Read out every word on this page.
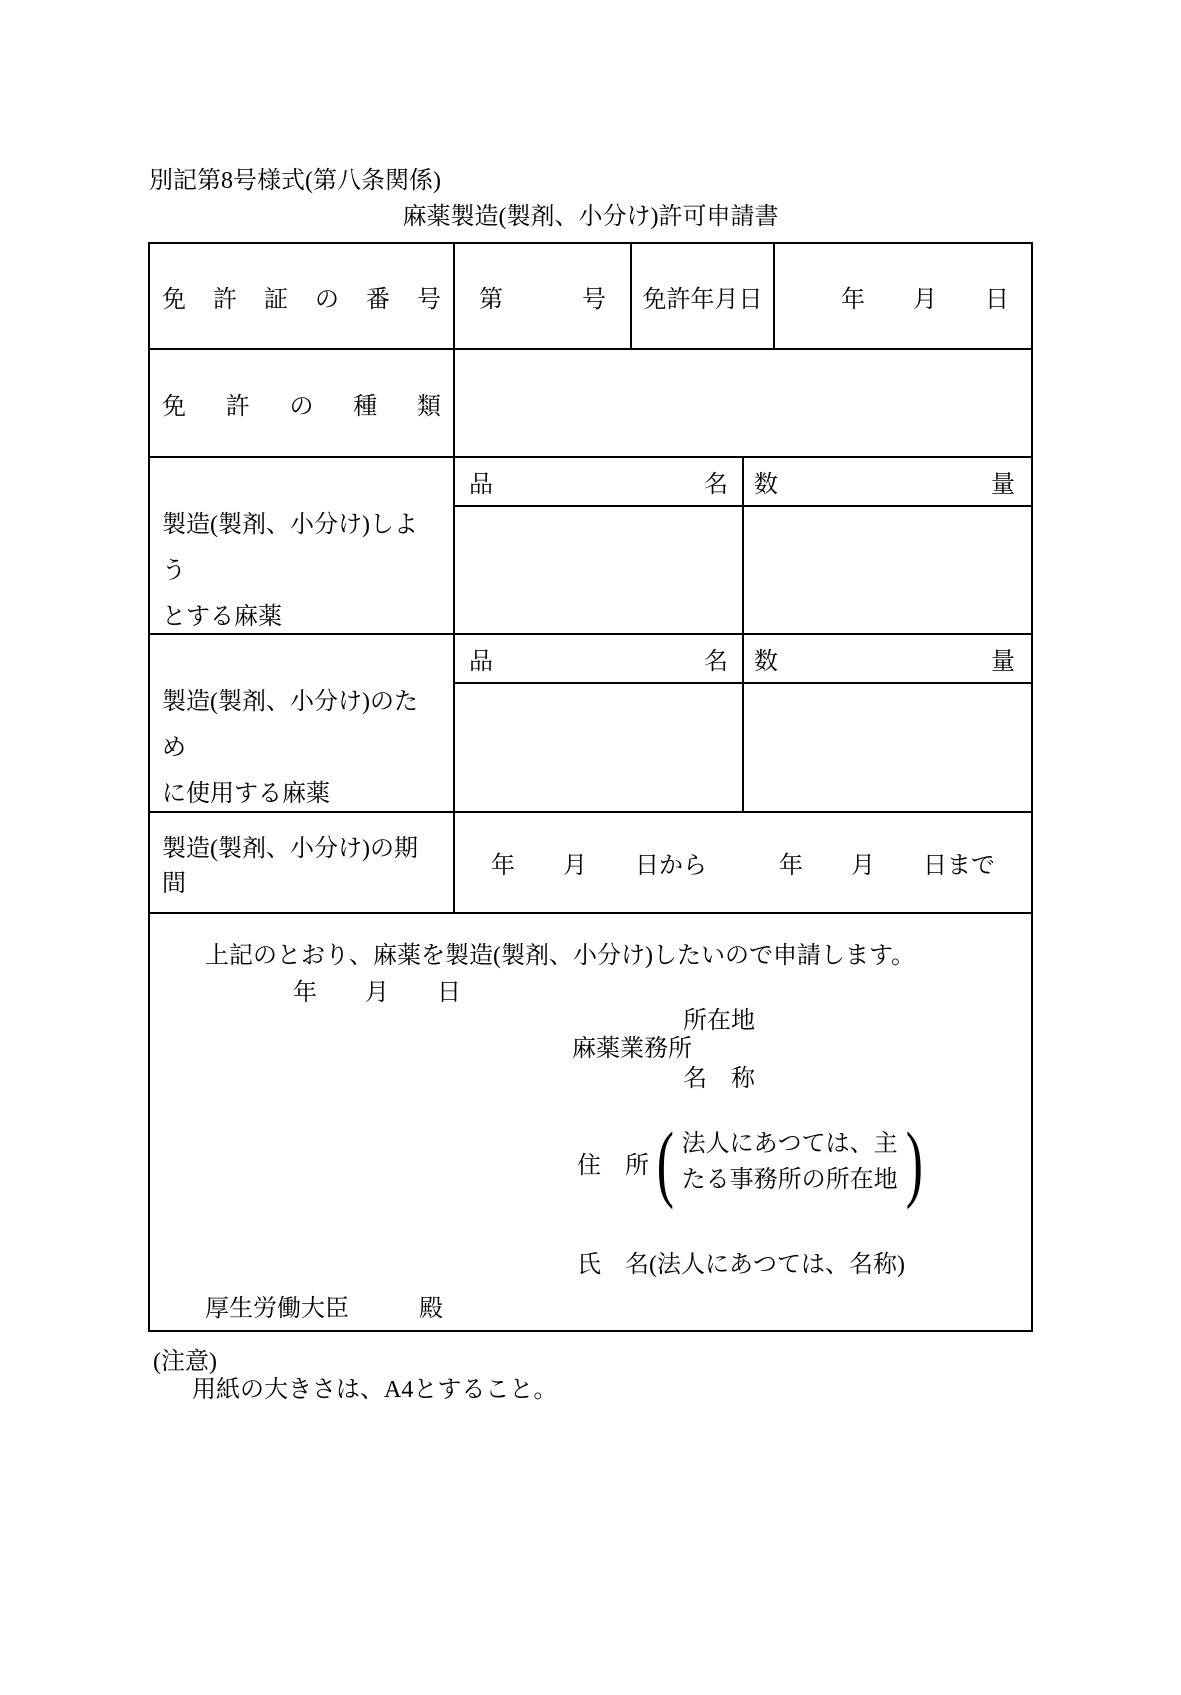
別記第8号様式(第八条関係)
麻薬製造(製剤、小分け)許可申請書
免許証の番号 第号 免許年月日	年　　月　　日
免許の種類
製造(製剤、小分け)しよう
とする麻薬
品名 数量
製造(製剤、小分け)のため
に使用する麻薬
品名 数量
製造(製剤、小分け)の期間
年　　月　　日から　　　年　　月　　日まで
上記のとおり、麻薬を製造(製剤、小分け)したいので申請します。
年　　月　　日
所在地
麻薬業務所
名　称
住　所 ( 法人にあつては、主
たる事務所の所在地 )
氏　名(法人にあつては、名称)
厚生労働大臣	殿
(注意)
用紙の大きさは、A4とすること。
